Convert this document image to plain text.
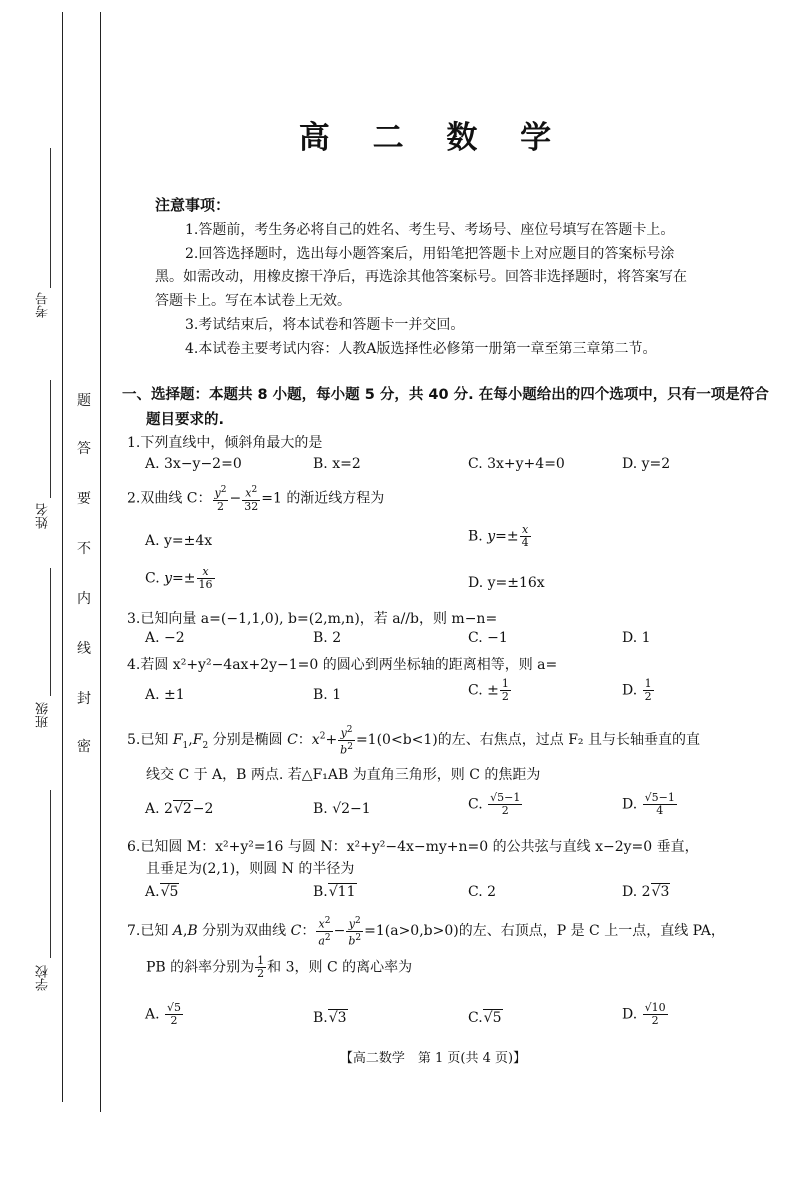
题
答
要
不
内
线
封
密
考号
姓名
班级
学校
高 二 数 学
注意事项：
1.答题前，考生务必将自己的姓名、考生号、考场号、座位号填写在答题卡上。
2.回答选择题时，选出每小题答案后，用铅笔把答题卡上对应题目的答案标号涂
黑。如需改动，用橡皮擦干净后，再选涂其他答案标号。回答非选择题时，将答案写在
答题卡上。写在本试卷上无效。
3.考试结束后，将本试卷和答题卡一并交回。
4.本试卷主要考试内容：人教A版选择性必修第一册第一章至第三章第二节。
一、选择题：本题共 8 小题，每小题 5 分，共 40 分. 在每小题给出的四个选项中，只有一项是符合
题目要求的.
1.下列直线中，倾斜角最大的是
A. 3x−y−2=0	B. x=2	C. 3x+y+4=0	D. y=2
2.双曲线 C： $\frac{y^2}{2} - \frac{x^2}{32} =1$ 的渐近线方程为
A. y=±4x	B. $y=\pm \frac{x}{4}$
C. $y=\pm \frac{x}{16}$	D. y=±16x
3.已知向量 a=(−1,1,0), b=(2,m,n)，若 a//b，则 m−n=
A. −2	B. 2	C. −1	D. 1
4.若圆 x²+y²−4ax+2y−1=0 的圆心到两坐标轴的距离相等，则 a=
A. ±1	B. 1	C. ± $\frac{1}{2}$	D. $\frac{1}{2}$
5.已知 $F_1,F_2$ 分别是椭圆 C：$x^2+ \frac{y^2}{b^2} =1(0<b<1)$的左、右焦点，过点 F₂ 且与长轴垂直的直
线交 C 于 A，B 两点. 若△F₁AB 为直角三角形，则 C 的焦距为
A. 2√2−2	B. √2−1	C. $\frac{√5-1}{2}$	D. $\frac{√5-1}{4}$
6.已知圆 M：x²+y²=16 与圆 N：x²+y²−4x−my+n=0 的公共弦与直线 x−2y=0 垂直，
且垂足为(2,1)，则圆 N 的半径为
A.√5	B.√11	C. 2	D. 2√3
7.已知 A,B 分别为双曲线 C： $\frac{x^2}{a^2} - \frac{y^2}{b^2} =1(a>0,b>0)$的左、右顶点，P 是 C 上一点，直线 PA，
PB 的斜率分别为 $\frac{1}{2}$ 和 3，则 C 的离心率为
A. $\frac{√5}{2}$	B.√3	C.√5	D. $\frac{√10}{2}$
【高二数学　第 1 页(共 4 页)】
